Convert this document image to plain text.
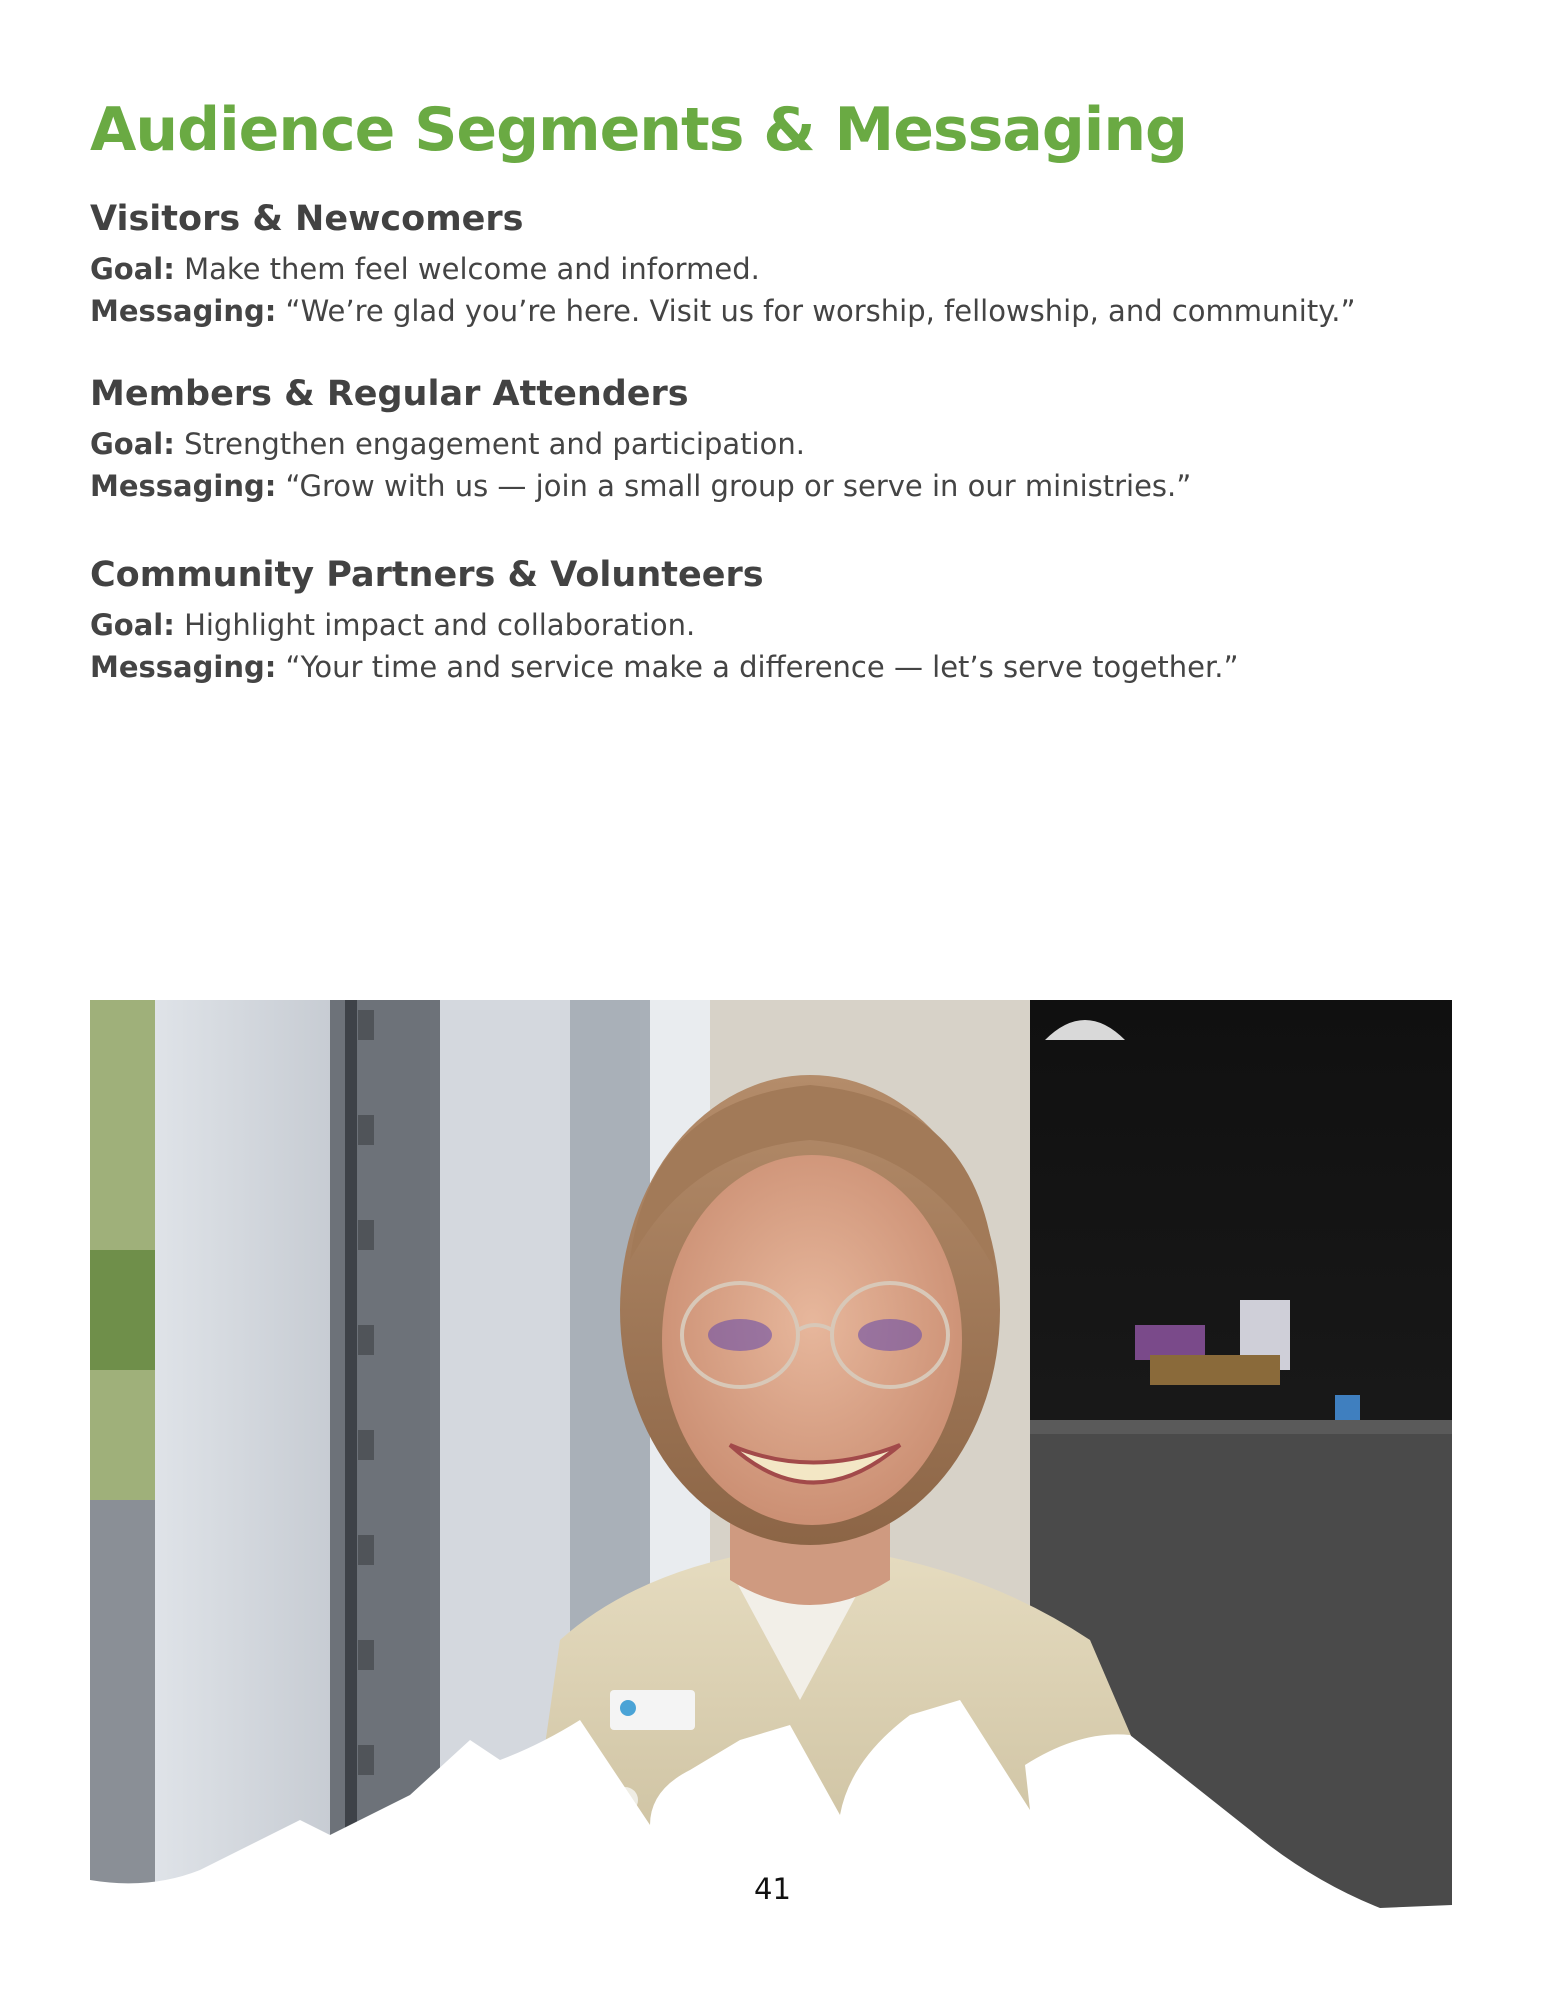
Audience Segments & Messaging
Visitors & Newcomers

Goal: Make them feel welcome and informed.

Messaging: “We’re glad you’re here. Visit us for worship, fellowship, and community.”

Members & Regular Attenders

Goal: Strengthen engagement and participation.

Messaging: “Grow with us — join a small group or serve in our ministries.”

Community Partners & Volunteers

Goal: Highlight impact and collaboration.

Messaging: “Your time and service make a difference — let’s serve together.”

41
